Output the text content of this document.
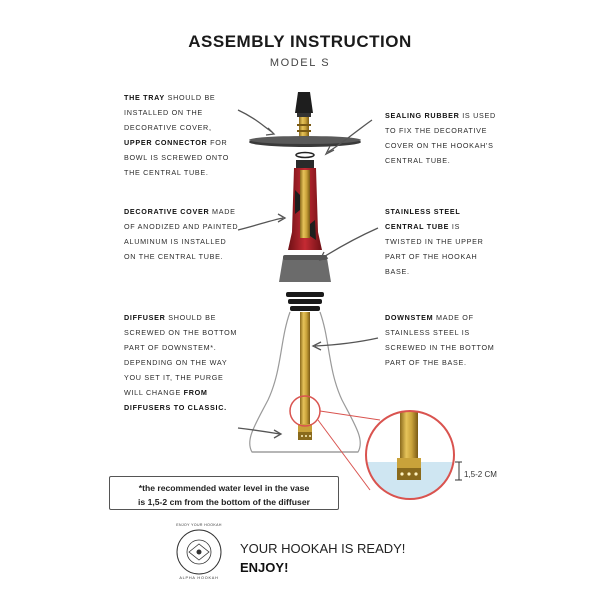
ASSEMBLY INSTRUCTION
MODEL S
THE TRAY SHOULD BE INSTALLED ON THE DECORATIVE COVER, UPPER CONNECTOR FOR BOWL IS SCREWED ONTO THE CENTRAL TUBE.
DECORATIVE COVER MADE OF ANODIZED AND PAINTED ALUMINUM IS INSTALLED ON THE CENTRAL TUBE.
DIFFUSER SHOULD BE SCREWED ON THE BOTTOM PART OF DOWNSTEM*. DEPENDING ON THE WAY YOU SET IT, THE PURGE WILL CHANGE FROM DIFFUSERS TO CLASSIC.
SEALING RUBBER IS USED TO FIX THE DECORATIVE COVER ON THE HOOKAH'S CENTRAL TUBE.
STAINLESS STEEL CENTRAL TUBE IS TWISTED IN THE UPPER PART OF THE HOOKAH BASE.
DOWNSTEM MADE OF STAINLESS STEEL IS SCREWED IN THE BOTTOM PART OF THE BASE.
*the recommended water level in the vase
is 1,5-2 cm from the bottom of the diffuser
1,5-2 CM
ENJOY YOUR HOOKAH
ALPHA HOOKAH
YOUR HOOKAH IS READY!
ENJOY!
